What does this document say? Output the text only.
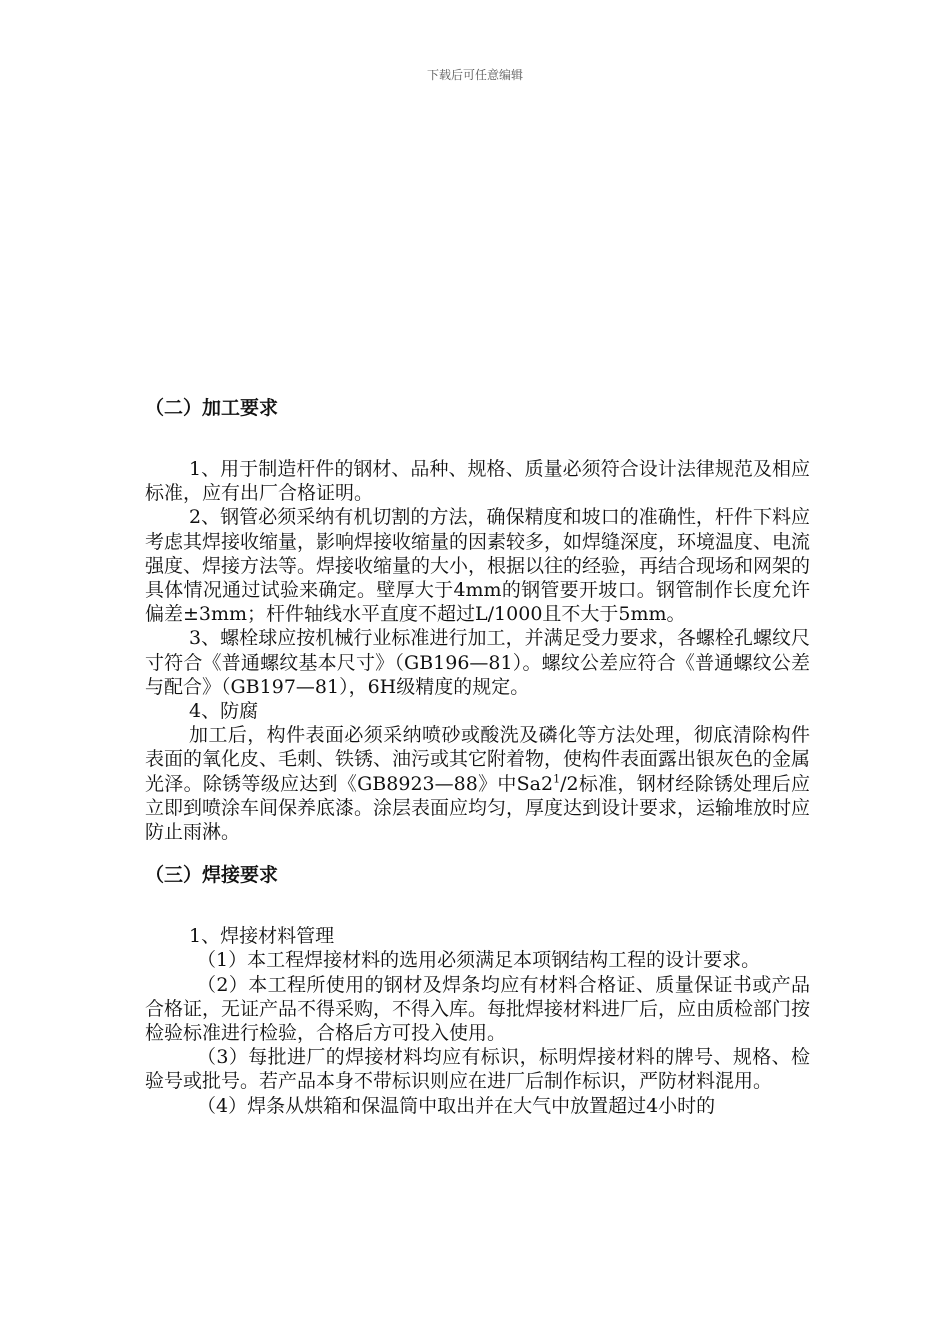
下载后可任意编辑
（二）加工要求

1、用于制造杆件的钢材、品种、规格、质量必须符合设计法律规范及相应标准，应有出厂合格证明。

2、钢管必须采纳有机切割的方法，确保精度和坡口的准确性，杆件下料应考虑其焊接收缩量，影响焊接收缩量的因素较多，如焊缝深度，环境温度、电流强度、焊接方法等。焊接收缩量的大小，根据以往的经验，再结合现场和网架的具体情况通过试验来确定。壁厚大于4mm的钢管要开坡口。钢管制作长度允许偏差±3mm；杆件轴线水平直度不超过L/1000且不大于5mm。

3、螺栓球应按机械行业标准进行加工，并满足受力要求，各螺栓孔螺纹尺寸符合《普通螺纹基本尺寸》（GB196—81）。螺纹公差应符合《普通螺纹公差与配合》（GB197—81），6H级精度的规定。

4、防腐

加工后，构件表面必须采纳喷砂或酸洗及磷化等方法处理，彻底清除构件表面的氧化皮、毛刺、铁锈、油污或其它附着物，使构件表面露出银灰色的金属光泽。除锈等级应达到《GB8923—88》中$Sa2^1/2$标准，钢材经除锈处理后应立即到喷涂车间保养底漆。涂层表面应均匀，厚度达到设计要求，运输堆放时应防止雨淋。

（三）焊接要求

1、焊接材料管理

（1）本工程焊接材料的选用必须满足本项钢结构工程的设计要求。

（2）本工程所使用的钢材及焊条均应有材料合格证、质量保证书或产品合格证，无证产品不得采购，不得入库。每批焊接材料进厂后，应由质检部门按检验标准进行检验，合格后方可投入使用。

（3）每批进厂的焊接材料均应有标识，标明焊接材料的牌号、规格、检验号或批号。若产品本身不带标识则应在进厂后制作标识，严防材料混用。

（4）焊条从烘箱和保温筒中取出并在大气中放置超过4小时的
